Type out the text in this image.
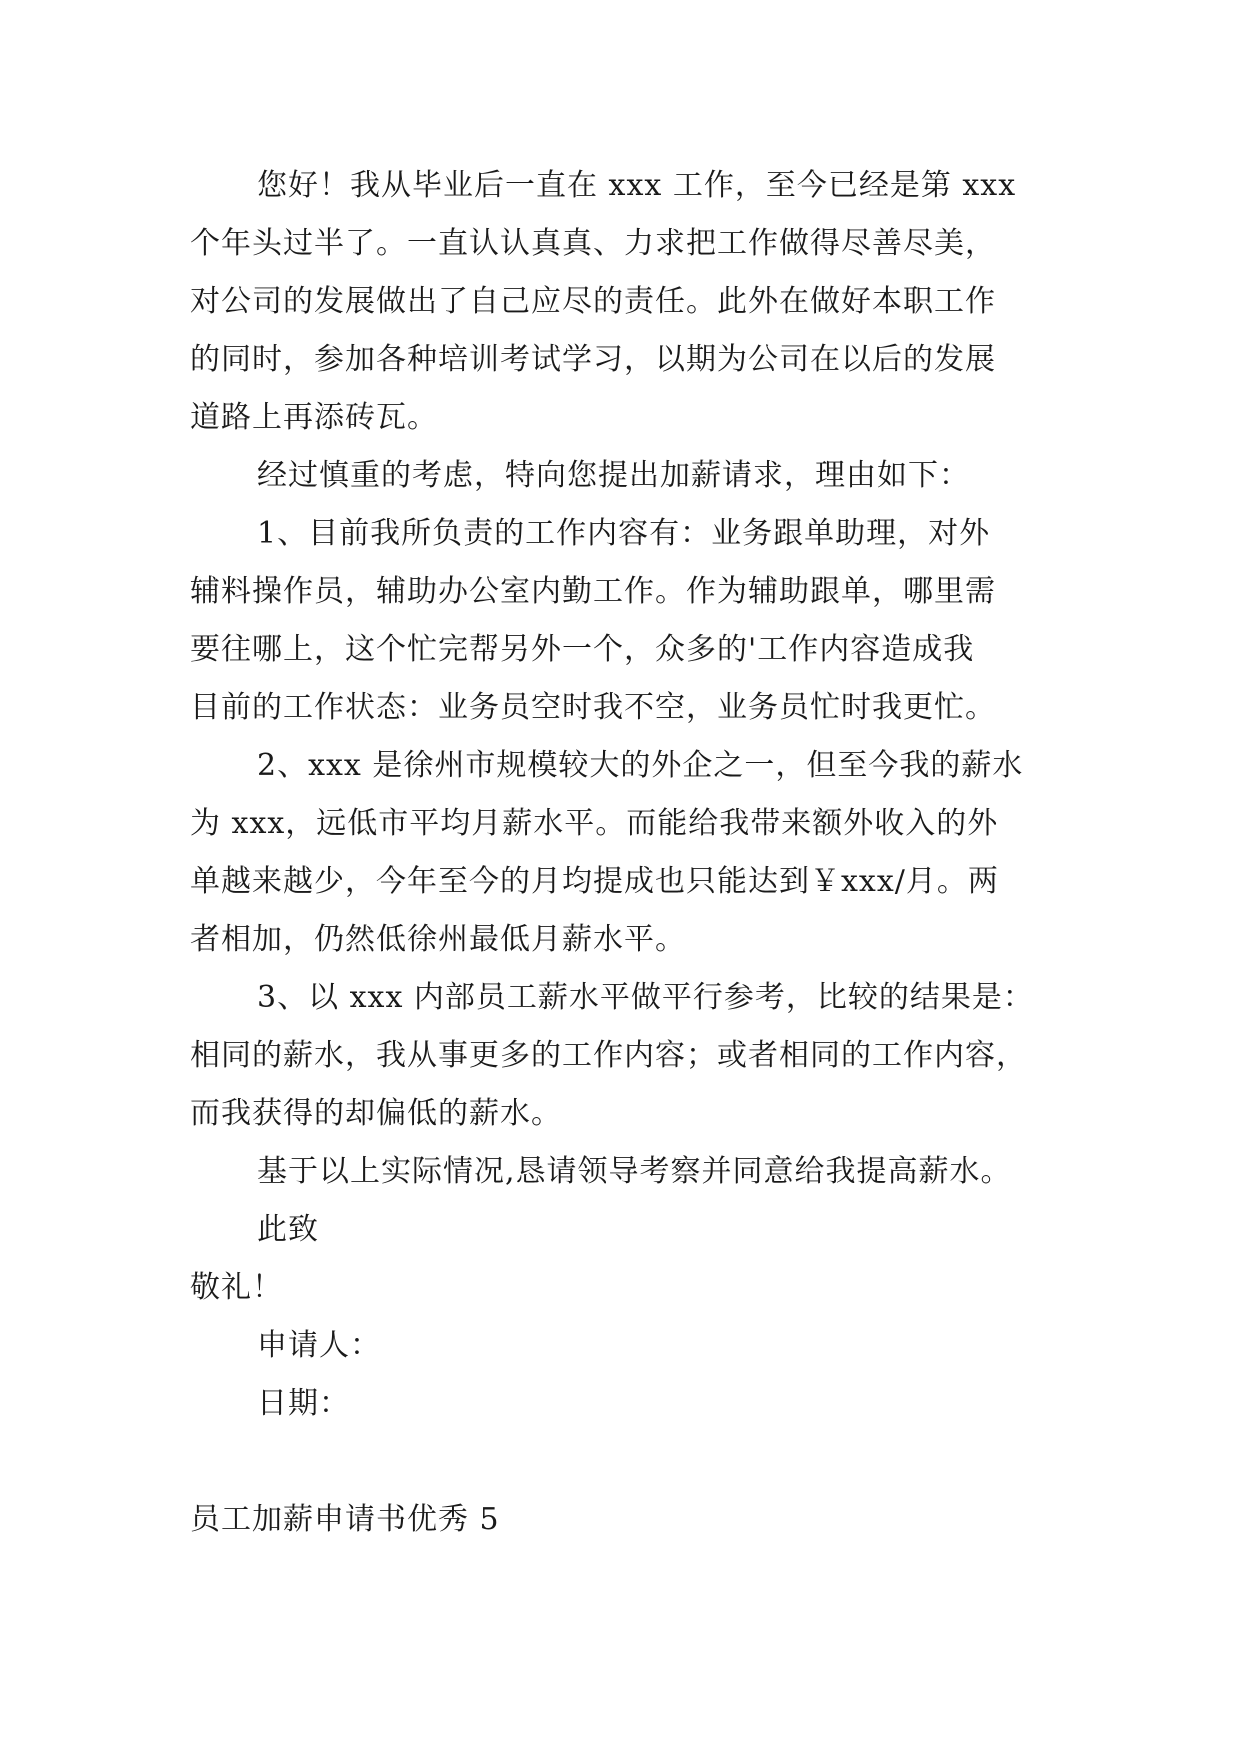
您好！我从毕业后一直在 xxx 工作，至今已经是第 xxx
个年头过半了。一直认认真真、力求把工作做得尽善尽美，
对公司的发展做出了自己应尽的责任。此外在做好本职工作
的同时，参加各种培训考试学习，以期为公司在以后的发展
道路上再添砖瓦。
经过慎重的考虑，特向您提出加薪请求，理由如下：
1、目前我所负责的工作内容有：业务跟单助理，对外
辅料操作员，辅助办公室内勤工作。作为辅助跟单，哪里需
要往哪上，这个忙完帮另外一个，众多的'工作内容造成我
目前的工作状态：业务员空时我不空，业务员忙时我更忙。
2、xxx 是徐州市规模较大的外企之一，但至今我的薪水
为 xxx，远低市平均月薪水平。而能给我带来额外收入的外
单越来越少，今年至今的月均提成也只能达到￥xxx/月。两
者相加，仍然低徐州最低月薪水平。
3、以 xxx 内部员工薪水平做平行参考，比较的结果是：
相同的薪水，我从事更多的工作内容；或者相同的工作内容，
而我获得的却偏低的薪水。
基于以上实际情况,恳请领导考察并同意给我提高薪水。
此致
敬礼！
申请人：
日期：
员工加薪申请书优秀 5
